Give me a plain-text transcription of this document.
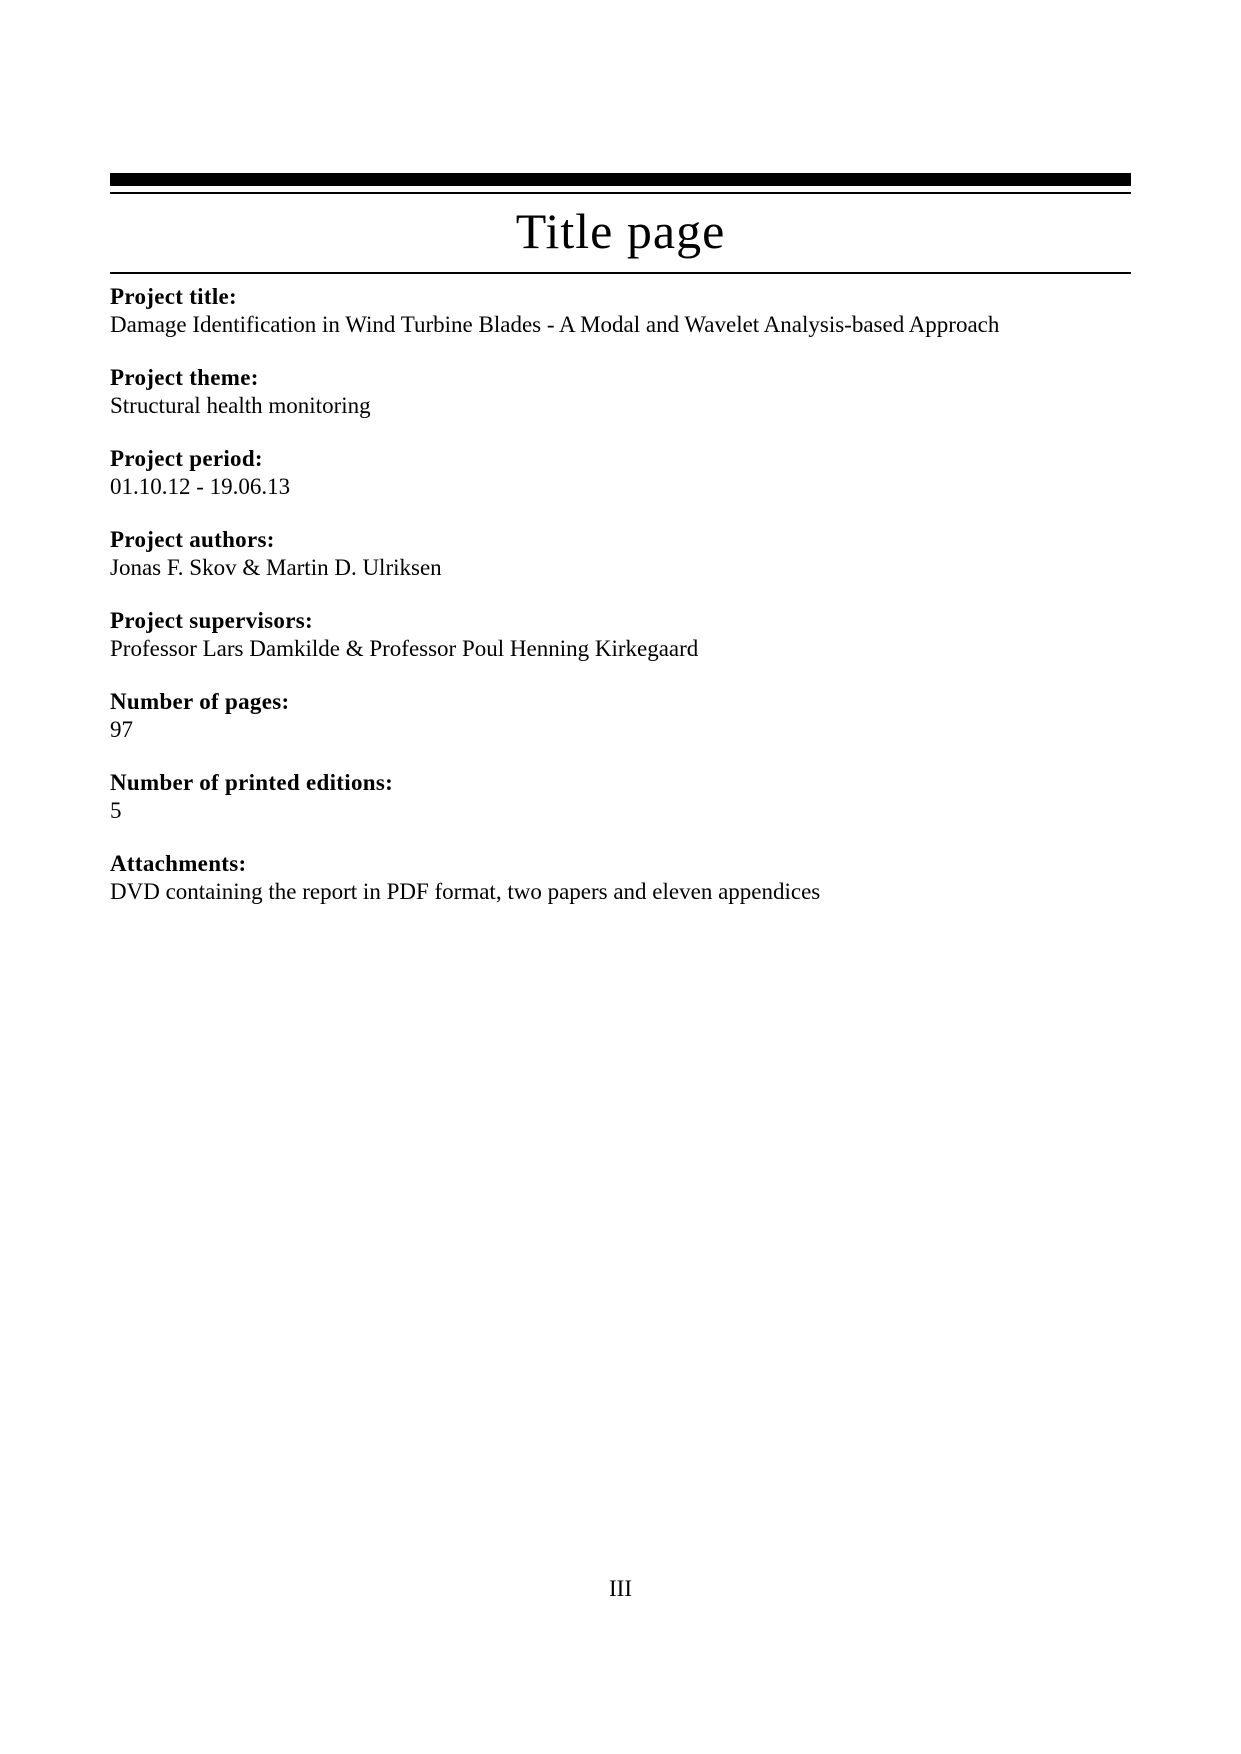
Title page
Project title:
Damage Identification in Wind Turbine Blades - A Modal and Wavelet Analysis-based Approach
Project theme:
Structural health monitoring
Project period:
01.10.12 - 19.06.13
Project authors:
Jonas F. Skov & Martin D. Ulriksen
Project supervisors:
Professor Lars Damkilde & Professor Poul Henning Kirkegaard
Number of pages:
97
Number of printed editions:
5
Attachments:
DVD containing the report in PDF format, two papers and eleven appendices
III
